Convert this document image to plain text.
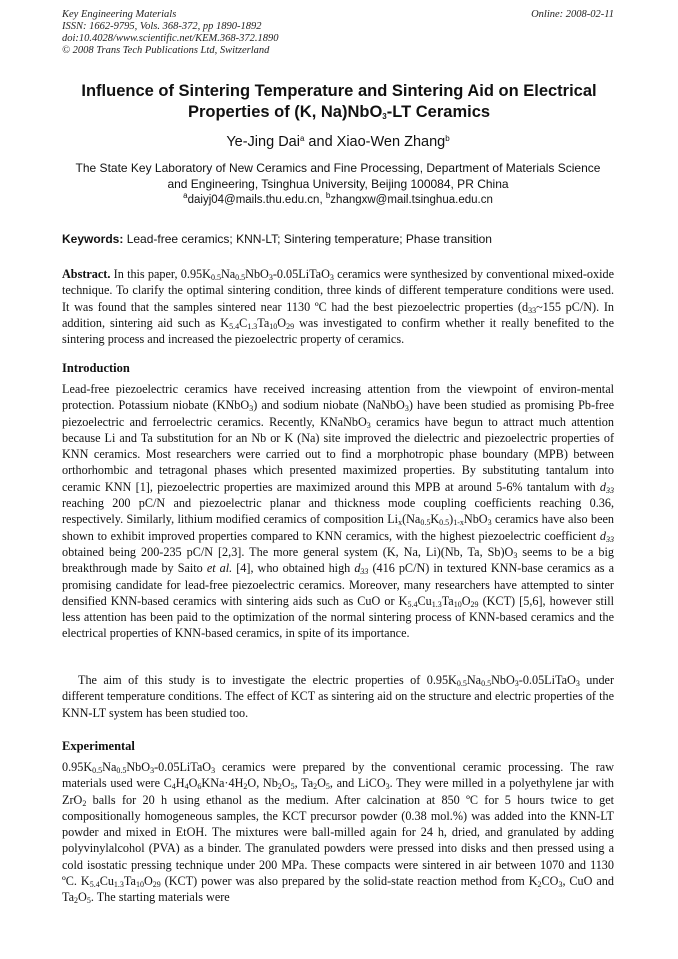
Key Engineering Materials
ISSN: 1662-9795, Vols. 368-372, pp 1890-1892
doi:10.4028/www.scientific.net/KEM.368-372.1890
© 2008 Trans Tech Publications Ltd, Switzerland
Online: 2008-02-11
Influence of Sintering Temperature and Sintering Aid on Electrical
Properties of (K, Na)NbO$_3$-LT Ceramics
Ye-Jing Dai$^a$ and Xiao-Wen Zhang$^b$
The State Key Laboratory of New Ceramics and Fine Processing, Department of Materials Science
and Engineering, Tsinghua University, Beijing 100084, PR China
$^a$daiyj04@mails.thu.edu.cn, $^b$zhangxw@mail.tsinghua.edu.cn
Keywords: Lead-free ceramics; KNN-LT; Sintering temperature; Phase transition
Abstract. In this paper, $0.95K_{0.5}Na_{0.5}NbO_3-0.05LiTaO_3$ ceramics were synthesized by conventional mixed-oxide technique. To clarify the optimal sintering condition, three kinds of different temperature conditions were used. It was found that the samples sintered near 1130 ºC had the best piezoelectric properties ($d_{33}\sim 155$ pC/N). In addition, sintering aid such as $K_{5.4}C_{1.3}Ta_{10}O_{29}$ was investigated to confirm whether it really benefited to the sintering process and increased the piezoelectric property of ceramics.
Introduction
Lead-free piezoelectric ceramics have received increasing attention from the viewpoint of environ-mental protection. Potassium niobate (KNbO$_3$) and sodium niobate (NaNbO$_3$) have been studied as promising Pb-free piezoelectric and ferroelectric ceramics. Recently, KNaNbO$_3$ ceramics have begun to attract much attention because Li and Ta substitution for an Nb or K (Na) site improved the dielectric and piezoelectric properties of KNN ceramics. Most researchers were carried out to find a morphotropic phase boundary (MPB) between orthorhombic and tetragonal phases which presented maximized properties. By substituting tantalum into ceramic KNN [1], piezoelectric properties are maximized around this MPB at around 5-6% tantalum with $d_{33}$ reaching 200 pC/N and piezoelectric planar and thickness mode coupling coefficients reaching 0.36, respectively. Similarly, lithium modified ceramics of composition $Li_x(Na_{0.5}K_{0.5})_{1-x}NbO_3$ ceramics have also been shown to exhibit improved properties compared to KNN ceramics, with the highest piezoelectric coefficient $d_{33}$ obtained being 200-235 pC/N [2,3]. The more general system (K, Na, Li)(Nb, Ta, $Sb)O_3$ seems to be a big breakthrough made by Saito et al. [4], who obtained high $d_{33}$ (416 pC/N) in textured KNN-base ceramics as a promising candidate for lead-free piezoelectric ceramics. Moreover, many researchers have attempted to sinter densified KNN-based ceramics with sintering aids such as CuO or $K_{5.4}Cu_{1.3}Ta_{10}O_{29}$ (KCT) [5,6], however still less attention has been paid to the optimization of the normal sintering process of KNN-based ceramics and the electrical properties of KNN-based ceramics, in spite of its importance.
The aim of this study is to investigate the electric properties of $0.95K_{0.5}Na_{0.5}NbO_3-0.05LiTaO_3$ under different temperature conditions. The effect of KCT as sintering aid on the structure and electric properties of the KNN-LT system has been studied too.
Experimental
$0.95K_{0.5}Na_{0.5}NbO_3-0.05LiTaO_3$ ceramics were prepared by the conventional ceramic processing. The raw materials used were $C_4H_4O_6KNa\cdot 4H_2O$, $Nb_2O_5$, $Ta_2O_5$, and LiCO$_3$. They were milled in a polyethylene jar with ZrO$_2$ balls for 20 h using ethanol as the medium. After calcination at 850 ºC for 5 hours twice to get compositionally homogeneous samples, the KCT precursor powder (0.38 mol.%) was added into the KNN-LT powder and mixed in EtOH. The mixtures were ball-milled again for 24 h, dried, and granulated by adding polyvinylalcohol (PVA) as a binder. The granulated powders were pressed into disks and then pressed using a cold isostatic pressing technique under 200 MPa. These compacts were sintered in air between 1070 and 1130 ºC. $K_{5.4}Cu_{1.3}Ta_{10}O_{29}$ (KCT) power was also prepared by the solid-state reaction method from $K_2CO_3$, CuO and $Ta_2O_5$. The starting materials were
